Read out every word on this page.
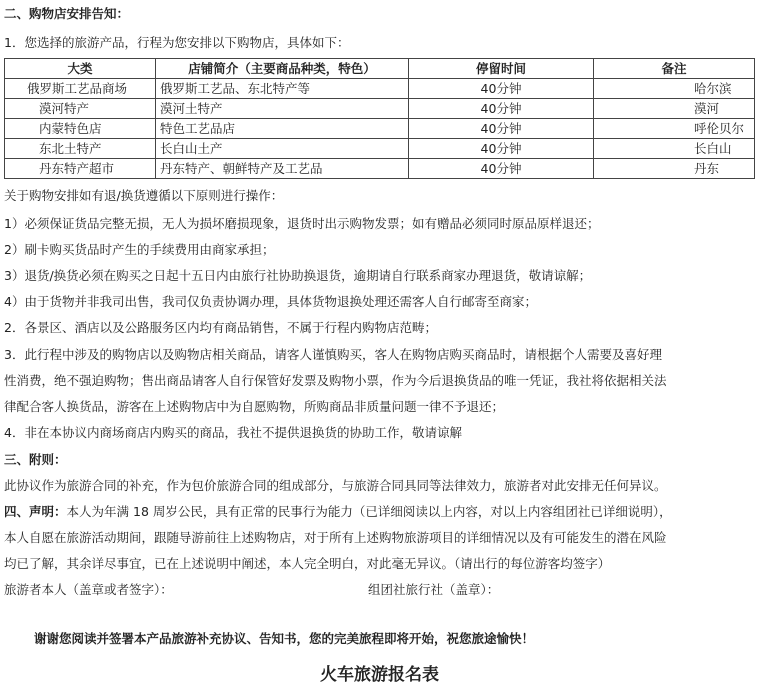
二、购物店安排告知：
1．您选择的旅游产品，行程为您安排以下购物店，具体如下：
大类	店铺简介（主要商品种类，特色）	停留时间	备注
俄罗斯工艺品商场	俄罗斯工艺品、东北特产等	40分钟	哈尔滨
漠河特产	漠河土特产	40分钟	漠河
内蒙特色店	特色工艺品店	40分钟	呼伦贝尔
东北土特产	长白山土产	40分钟	长白山
丹东特产超市	丹东特产、朝鲜特产及工艺品	40分钟	丹东
关于购物安排如有退/换货遵循以下原则进行操作：
1）必须保证货品完整无损，无人为损坏磨损现象，退货时出示购物发票；如有赠品必须同时原品原样退还；
2）刷卡购买货品时产生的手续费用由商家承担；
3）退货/换货必须在购买之日起十五日内由旅行社协助换退货，逾期请自行联系商家办理退货，敬请谅解；
4）由于货物并非我司出售，我司仅负责协调办理，具体货物退换处理还需客人自行邮寄至商家；
2．各景区、酒店以及公路服务区内均有商品销售，不属于行程内购物店范畴；
3．此行程中涉及的购物店以及购物店相关商品，请客人谨慎购买，客人在购物店购买商品时，请根据个人需要及喜好理
性消费，绝不强迫购物；售出商品请客人自行保管好发票及购物小票，作为今后退换货品的唯一凭证，我社将依据相关法
律配合客人换货品，游客在上述购物店中为自愿购物，所购商品非质量问题一律不予退还；
4．非在本协议内商场商店内购买的商品，我社不提供退换货的协助工作，敬请谅解
三、附则：
此协议作为旅游合同的补充，作为包价旅游合同的组成部分，与旅游合同具同等法律效力，旅游者对此安排无任何异议。
四、声明：本人为年满 18 周岁公民，具有正常的民事行为能力（已详细阅读以上内容，对以上内容组团社已详细说明），
本人自愿在旅游活动期间，跟随导游前往上述购物店，对于所有上述购物旅游项目的详细情况以及有可能发生的潜在风险
均已了解，其余详尽事宜，已在上述说明中阐述，本人完全明白，对此毫无异议。（请出行的每位游客均签字）
旅游者本人（盖章或者签字）：	组团社旅行社（盖章）：
谢谢您阅读并签署本产品旅游补充协议、告知书，您的完美旅程即将开始，祝您旅途愉快！
火车旅游报名表
